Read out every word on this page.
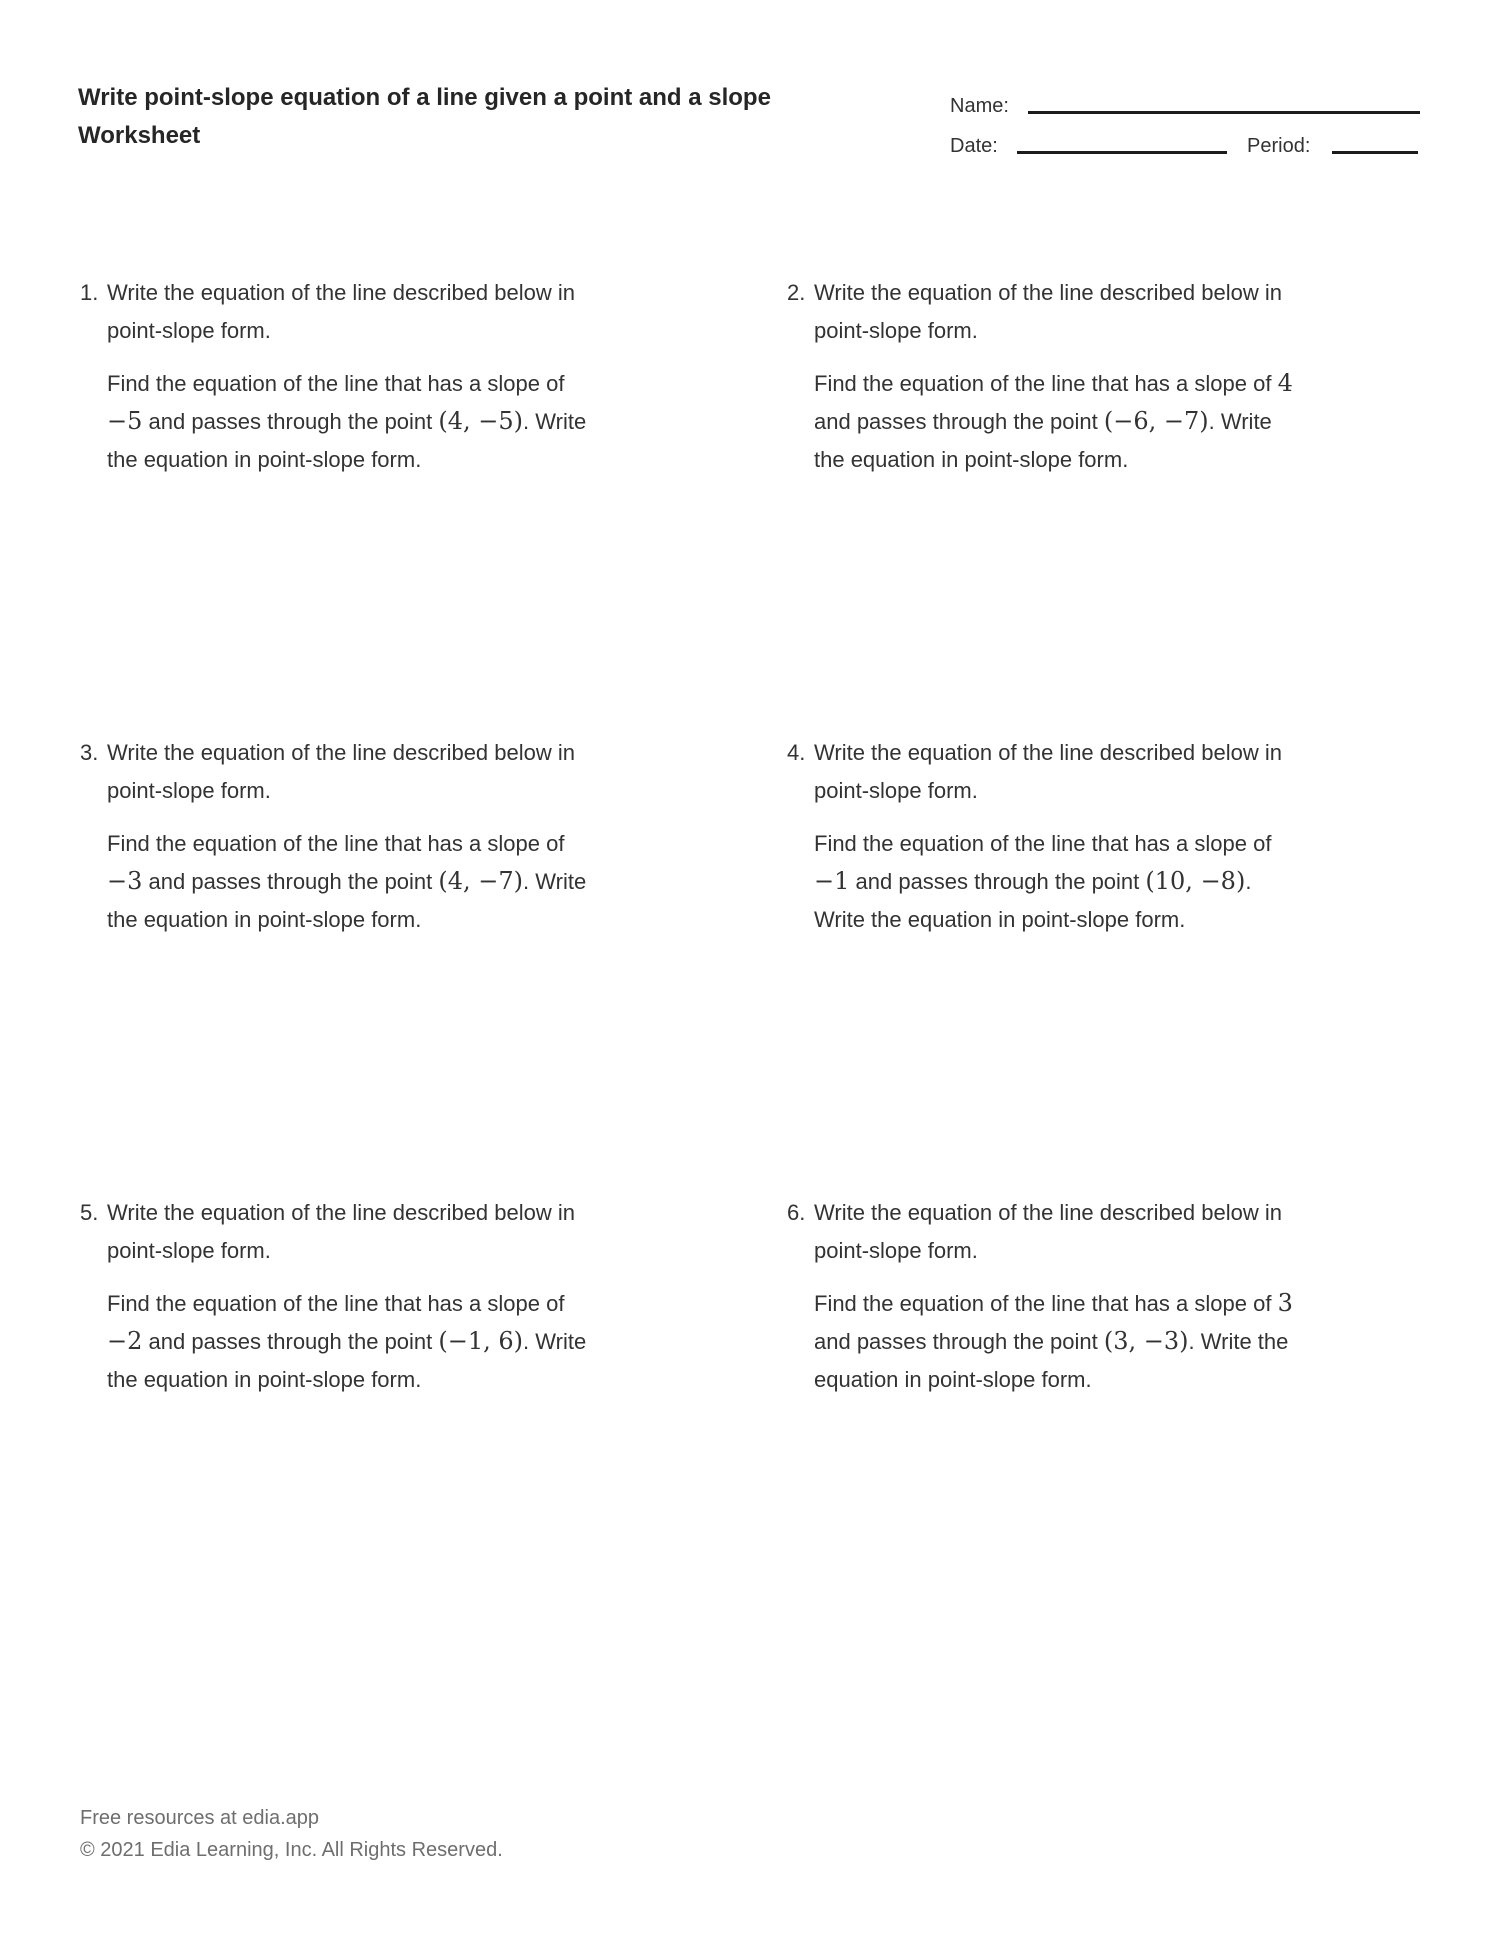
Write point-slope equation of a line given a point and a slope
Worksheet
Name:
Date:	Period:
1. Write the equation of the line described below in point-slope form.
Find the equation of the line that has a slope of −5 and passes through the point (4, −5). Write the equation in point-slope form.
2. Write the equation of the line described below in point-slope form.
Find the equation of the line that has a slope of 4 and passes through the point (−6, −7). Write the equation in point-slope form.
3. Write the equation of the line described below in point-slope form.
Find the equation of the line that has a slope of −3 and passes through the point (4, −7). Write the equation in point-slope form.
4. Write the equation of the line described below in point-slope form.
Find the equation of the line that has a slope of −1 and passes through the point (10, −8). Write the equation in point-slope form.
5. Write the equation of the line described below in point-slope form.
Find the equation of the line that has a slope of −2 and passes through the point (−1, 6). Write the equation in point-slope form.
6. Write the equation of the line described below in point-slope form.
Find the equation of the line that has a slope of 3 and passes through the point (3, −3). Write the equation in point-slope form.
Free resources at edia.app
© 2021 Edia Learning, Inc. All Rights Reserved.
